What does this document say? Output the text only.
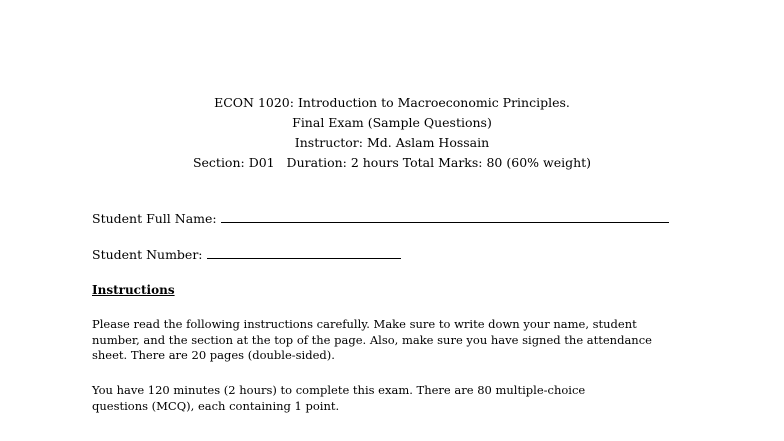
ECON 1020: Introduction to Macroeconomic Principles.
Final Exam (Sample Questions)
Instructor: Md. Aslam Hossain
Section: D01   Duration: 2 hours Total Marks: 80 (60% weight)
Student Full Name:
Student Number:
Instructions
Please read the following instructions carefully. Make sure to write down your name, student
number, and the section at the top of the page. Also, make sure you have signed the attendance
sheet. There are 20 pages (double-sided).
You have 120 minutes (2 hours) to complete this exam. There are 80 multiple-choice
questions (MCQ), each containing 1 point.
